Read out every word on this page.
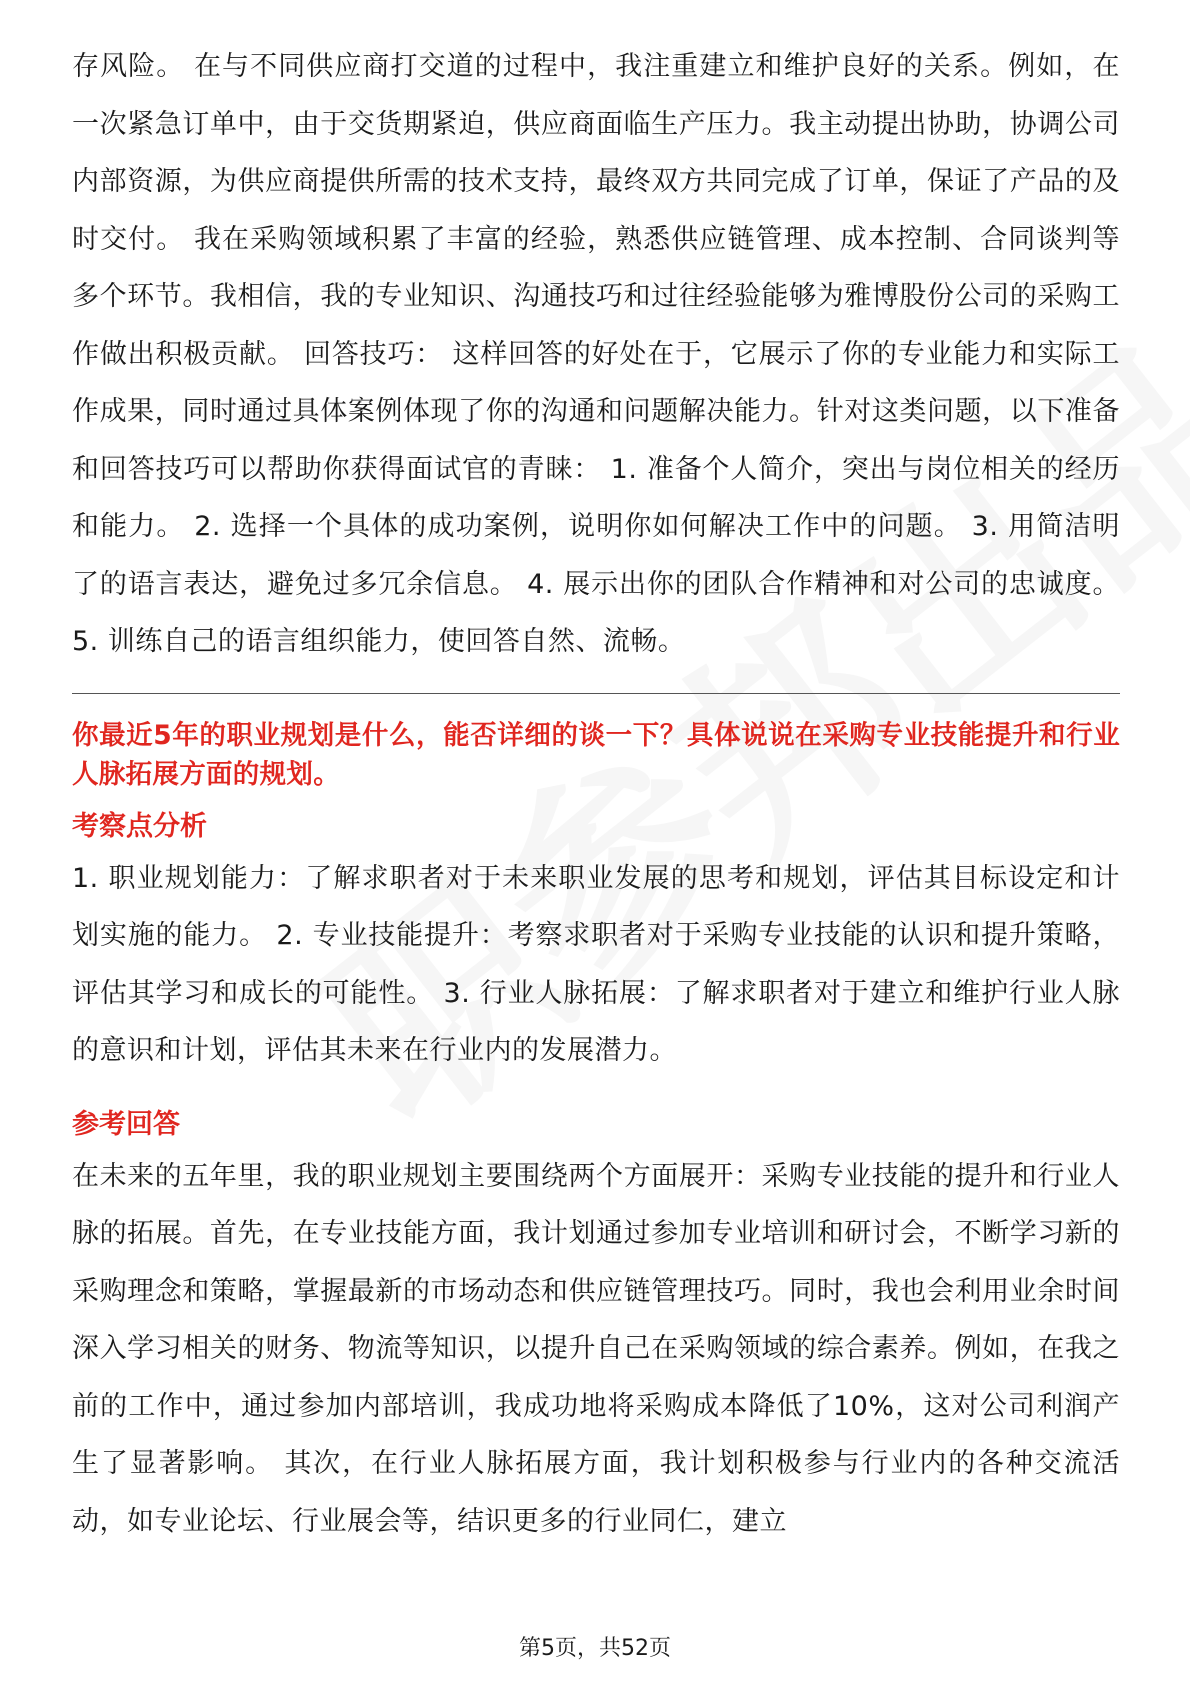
存风险。 在与不同供应商打交道的过程中，我注重建立和维护良好的关系。例如，在一次紧急订单中，由于交货期紧迫，供应商面临生产压力。我主动提出协助，协调公司内部资源，为供应商提供所需的技术支持，最终双方共同完成了订单，保证了产品的及时交付。 我在采购领域积累了丰富的经验，熟悉供应链管理、成本控制、合同谈判等多个环节。我相信，我的专业知识、沟通技巧和过往经验能够为雅博股份公司的采购工作做出积极贡献。 回答技巧： 这样回答的好处在于，它展示了你的专业能力和实际工作成果，同时通过具体案例体现了你的沟通和问题解决能力。针对这类问题，以下准备和回答技巧可以帮助你获得面试官的青睐： 1. 准备个人简介，突出与岗位相关的经历和能力。 2. 选择一个具体的成功案例，说明你如何解决工作中的问题。 3. 用简洁明了的语言表达，避免过多冗余信息。 4. 展示出你的团队合作精神和对公司的忠诚度。 5. 训练自己的语言组织能力，使回答自然、流畅。

你最近5年的职业规划是什么，能否详细的谈一下？具体说说在采购专业技能提升和行业人脉拓展方面的规划。

考察点分析

1. 职业规划能力：了解求职者对于未来职业发展的思考和规划，评估其目标设定和计划实施的能力。 2. 专业技能提升：考察求职者对于采购专业技能的认识和提升策略，评估其学习和成长的可能性。 3. 行业人脉拓展：了解求职者对于建立和维护行业人脉的意识和计划，评估其未来在行业内的发展潜力。

参考回答

在未来的五年里，我的职业规划主要围绕两个方面展开：采购专业技能的提升和行业人脉的拓展。首先，在专业技能方面，我计划通过参加专业培训和研讨会，不断学习新的采购理念和策略，掌握最新的市场动态和供应链管理技巧。同时，我也会利用业余时间深入学习相关的财务、物流等知识，以提升自己在采购领域的综合素养。例如，在我之前的工作中，通过参加内部培训，我成功地将采购成本降低了10%，这对公司利润产生了显著影响。 其次，在行业人脉拓展方面，我计划积极参与行业内的各种交流活动，如专业论坛、行业展会等，结识更多的行业同仁，建立

第5页，共52页
